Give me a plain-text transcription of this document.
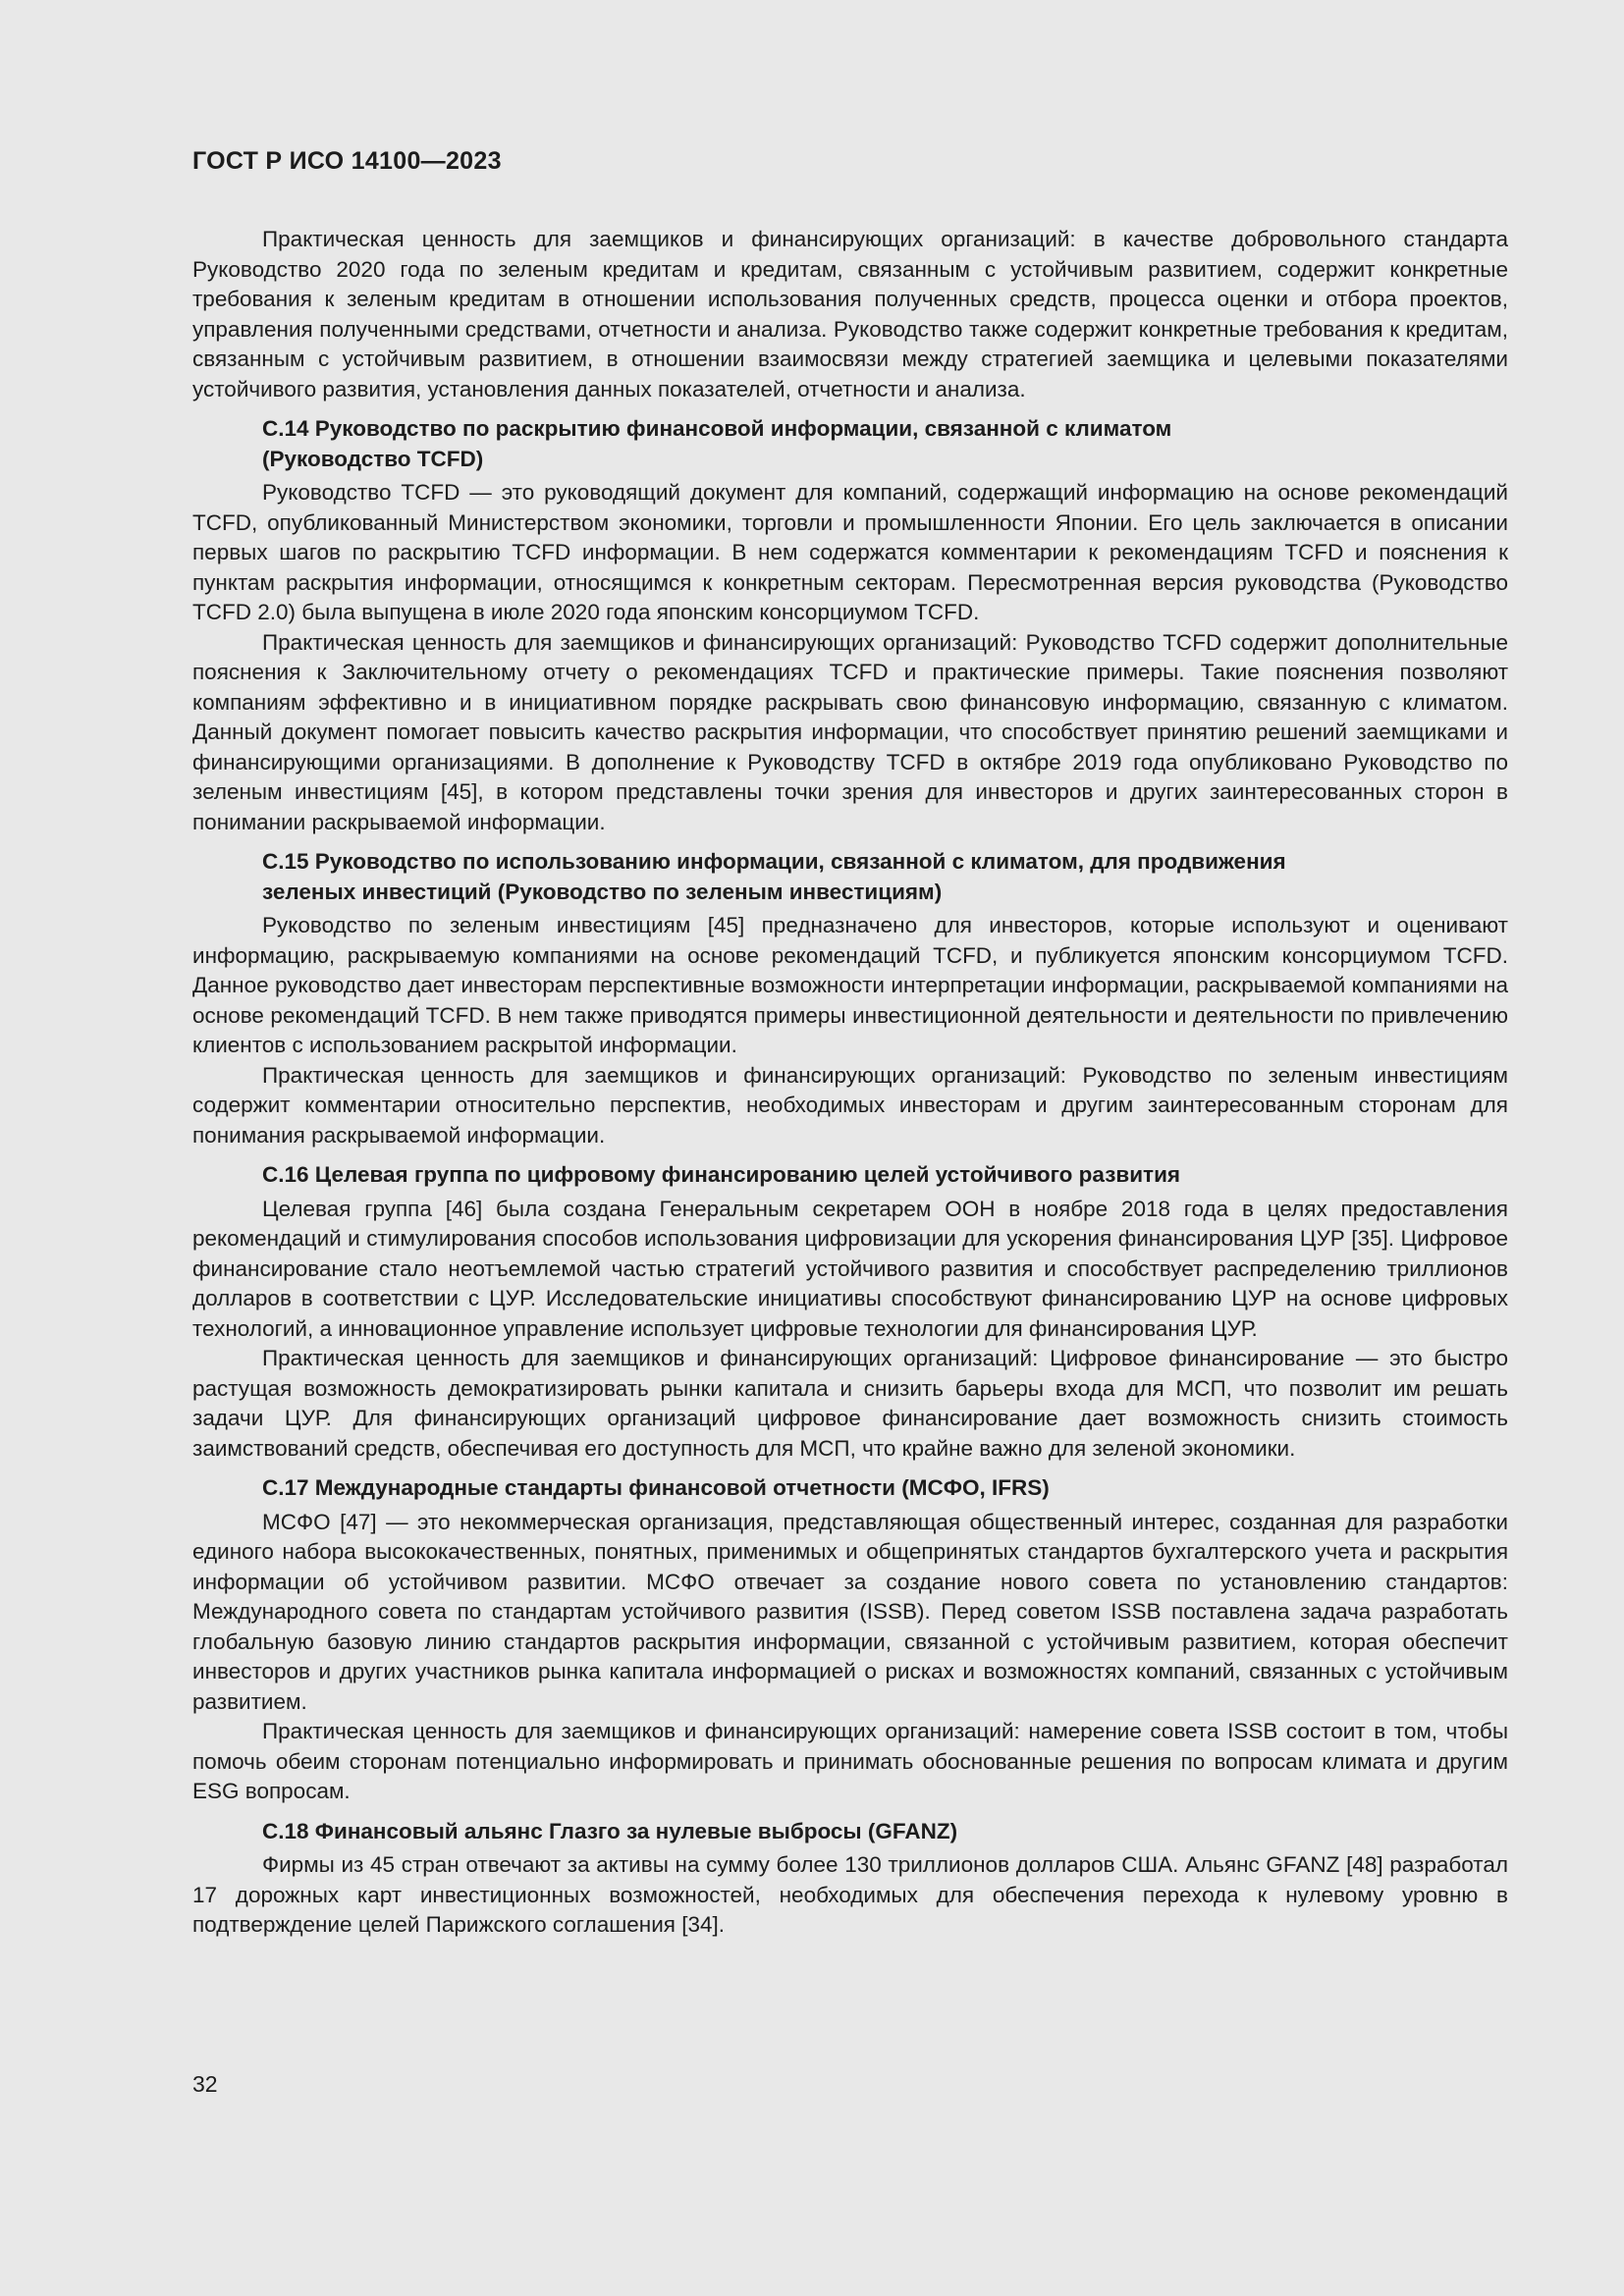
ГОСТ Р ИСО 14100—2023

Практическая ценность для заемщиков и финансирующих организаций: в качестве добровольного стандарта Руководство 2020 года по зеленым кредитам и кредитам, связанным с устойчивым развитием, содержит конкретные требования к зеленым кредитам в отношении использования полученных средств, процесса оценки и отбора проектов, управления полученными средствами, отчетности и анализа. Руководство также содержит конкретные требования к кредитам, связанным с устойчивым развитием, в отношении взаимосвязи между стратегией заемщика и целевыми показателями устойчивого развития, установления данных показателей, отчетности и анализа.

С.14 Руководство по раскрытию финансовой информации, связанной с климатом
(Руководство TCFD)

Руководство TCFD — это руководящий документ для компаний, содержащий информацию на основе рекомендаций TCFD, опубликованный Министерством экономики, торговли и промышленности Японии. Его цель заключается в описании первых шагов по раскрытию TCFD информации. В нем содержатся комментарии к рекомендациям TCFD и пояснения к пунктам раскрытия информации, относящимся к конкретным секторам. Пересмотренная версия руководства (Руководство TCFD 2.0) была выпущена в июле 2020 года японским консорциумом TCFD.

Практическая ценность для заемщиков и финансирующих организаций: Руководство TCFD содержит дополнительные пояснения к Заключительному отчету о рекомендациях TCFD и практические примеры. Такие пояснения позволяют компаниям эффективно и в инициативном порядке раскрывать свою финансовую информацию, связанную с климатом. Данный документ помогает повысить качество раскрытия информации, что способствует принятию решений заемщиками и финансирующими организациями. В дополнение к Руководству TCFD в октябре 2019 года опубликовано Руководство по зеленым инвестициям [45], в котором представлены точки зрения для инвесторов и других заинтересованных сторон в понимании раскрываемой информации.

С.15 Руководство по использованию информации, связанной с климатом, для продвижения
зеленых инвестиций (Руководство по зеленым инвестициям)

Руководство по зеленым инвестициям [45] предназначено для инвесторов, которые используют и оценивают информацию, раскрываемую компаниями на основе рекомендаций TCFD, и публикуется японским консорциумом TCFD. Данное руководство дает инвесторам перспективные возможности интерпретации информации, раскрываемой компаниями на основе рекомендаций TCFD. В нем также приводятся примеры инвестиционной деятельности и деятельности по привлечению клиентов с использованием раскрытой информации.

Практическая ценность для заемщиков и финансирующих организаций: Руководство по зеленым инвестициям содержит комментарии относительно перспектив, необходимых инвесторам и другим заинтересованным сторонам для понимания раскрываемой информации.

С.16 Целевая группа по цифровому финансированию целей устойчивого развития

Целевая группа [46] была создана Генеральным секретарем ООН в ноябре 2018 года в целях предоставления рекомендаций и стимулирования способов использования цифровизации для ускорения финансирования ЦУР [35]. Цифровое финансирование стало неотъемлемой частью стратегий устойчивого развития и способствует распределению триллионов долларов в соответствии с ЦУР. Исследовательские инициативы способствуют финансированию ЦУР на основе цифровых технологий, а инновационное управление использует цифровые технологии для финансирования ЦУР.

Практическая ценность для заемщиков и финансирующих организаций: Цифровое финансирование — это быстро растущая возможность демократизировать рынки капитала и снизить барьеры входа для МСП, что позволит им решать задачи ЦУР. Для финансирующих организаций цифровое финансирование дает возможность снизить стоимость заимствований средств, обеспечивая его доступность для МСП, что крайне важно для зеленой экономики.

С.17 Международные стандарты финансовой отчетности (МСФО, IFRS)

МСФО [47] — это некоммерческая организация, представляющая общественный интерес, созданная для разработки единого набора высококачественных, понятных, применимых и общепринятых стандартов бухгалтерского учета и раскрытия информации об устойчивом развитии. МСФО отвечает за создание нового совета по установлению стандартов: Международного совета по стандартам устойчивого развития (ISSB). Перед советом ISSB поставлена задача разработать глобальную базовую линию стандартов раскрытия информации, связанной с устойчивым развитием, которая обеспечит инвесторов и других участников рынка капитала информацией о рисках и возможностях компаний, связанных с устойчивым развитием.

Практическая ценность для заемщиков и финансирующих организаций: намерение совета ISSB состоит в том, чтобы помочь обеим сторонам потенциально информировать и принимать обоснованные решения по вопросам климата и другим ESG вопросам.

С.18 Финансовый альянс Глазго за нулевые выбросы (GFANZ)

Фирмы из 45 стран отвечают за активы на сумму более 130 триллионов долларов США. Альянс GFANZ [48] разработал 17 дорожных карт инвестиционных возможностей, необходимых для обеспечения перехода к нулевому уровню в подтверждение целей Парижского соглашения [34].

32
